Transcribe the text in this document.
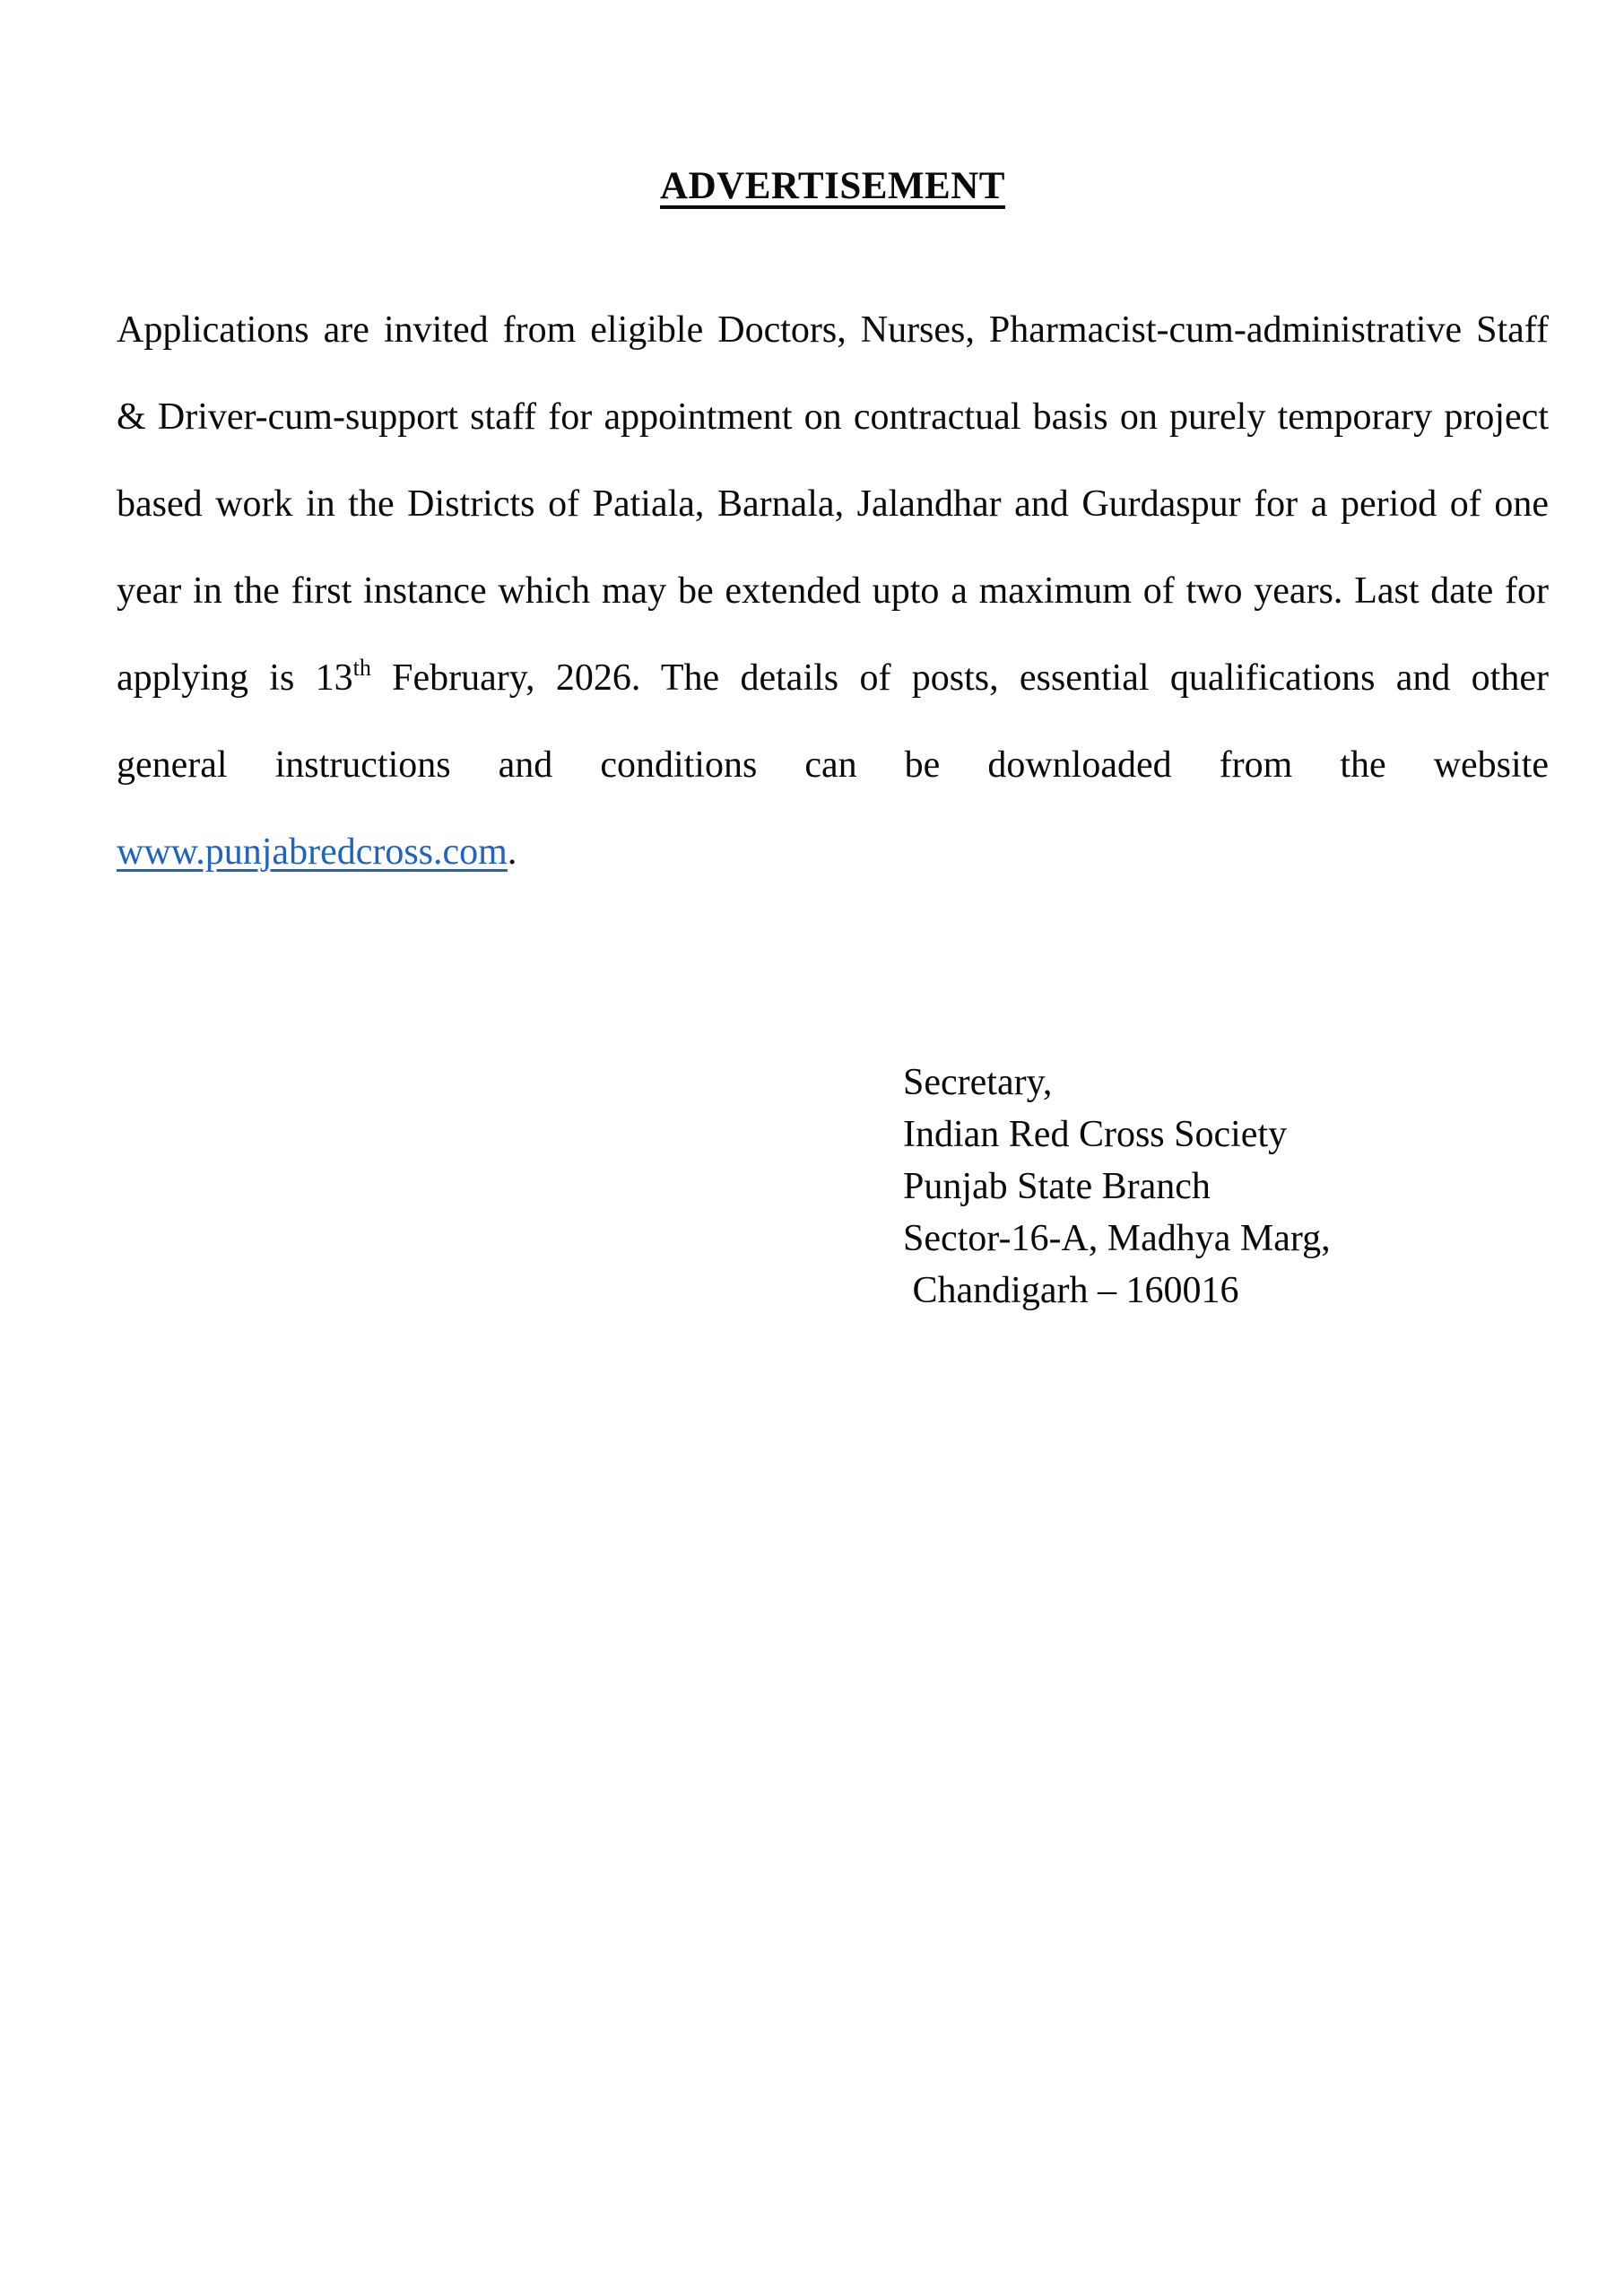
ADVERTISEMENT
Applications are invited from eligible Doctors, Nurses, Pharmacist-cum-administrative Staff
& Driver-cum-support staff for appointment on contractual basis on purely temporary project
based work in the Districts of Patiala, Barnala, Jalandhar and Gurdaspur for a period of one
year in the first instance which may be extended upto a maximum of two years. Last date for
applying is 13th February, 2026. The details of posts, essential qualifications and other
general instructions and conditions can be downloaded from the website
www.punjabredcross.com.
Secretary,
Indian Red Cross Society
Punjab State Branch
Sector-16-A, Madhya Marg,
Chandigarh – 160016
